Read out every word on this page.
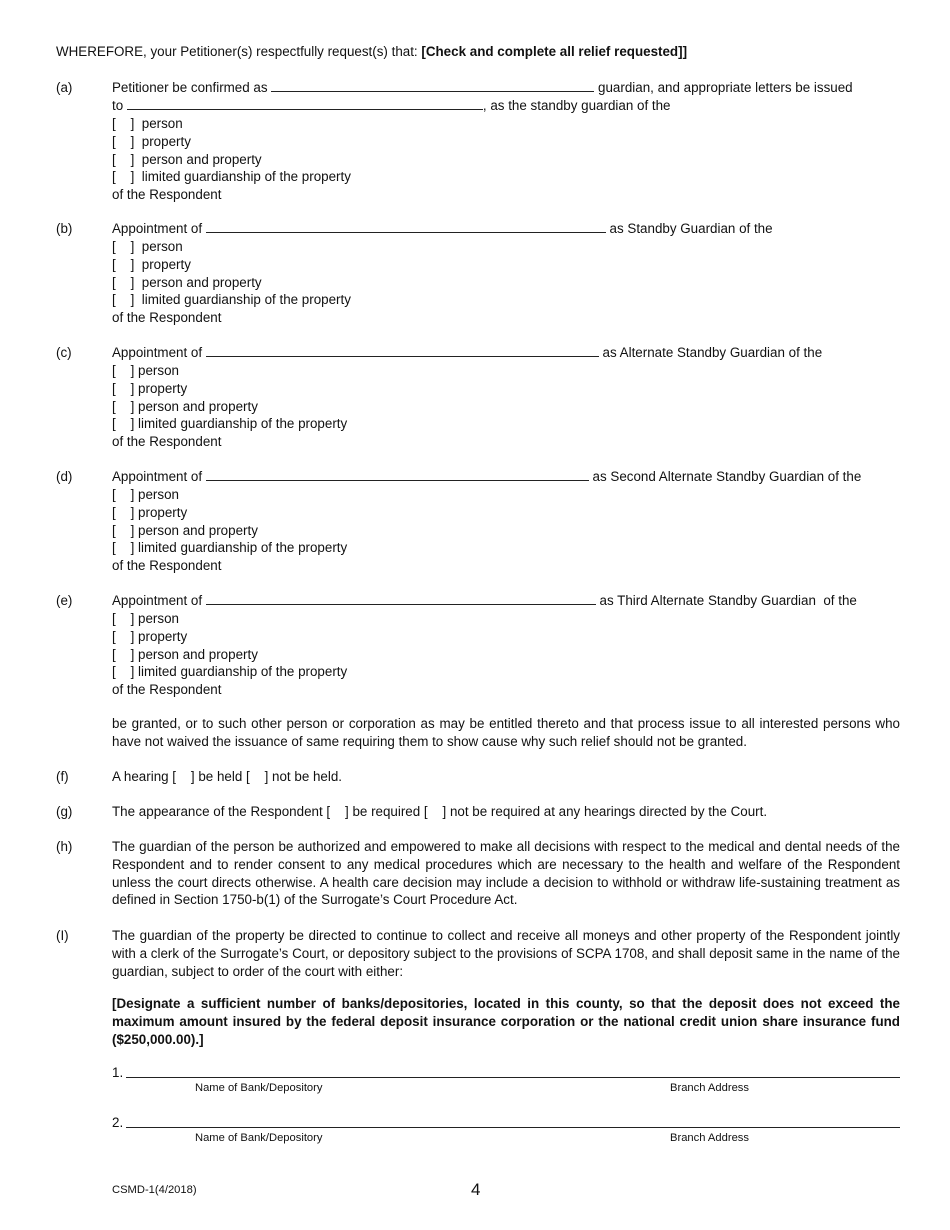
WHEREFORE, your Petitioner(s) respectfully request(s) that: [Check and complete all relief requested]]
(a)	Petitioner be confirmed as	guardian, and appropriate letters be issued
to	, as the standby guardian of the
[    ]  person
[    ]  property
[    ]  person and property
[    ]  limited guardianship of the property
of the Respondent
(b)	Appointment of	as Standby Guardian of the
[    ]  person
[    ]  property
[    ]  person and property
[    ]  limited guardianship of the property
of the Respondent
(c)	Appointment of	as Alternate Standby Guardian of the
[    ] person
[    ] property
[    ] person and property
[    ] limited guardianship of the property
of the Respondent
(d)	Appointment of	as Second Alternate Standby Guardian of the
[    ] person
[    ] property
[    ] person and property
[    ] limited guardianship of the property
of the Respondent
(e)	Appointment of	as Third Alternate Standby Guardian  of the
[    ] person
[    ] property
[    ] person and property
[    ] limited guardianship of the property
of the Respondent
be granted, or to such other person or corporation as may be entitled thereto and that process issue to all interested persons who have not waived the issuance of same requiring them to show cause why such relief should not be granted.
(f)	A hearing [    ] be held [    ] not be held.
(g)	The appearance of the Respondent [    ] be required [    ] not be required at any hearings directed by the Court.
(h)	The guardian of the person be authorized and empowered to make all decisions with respect to the medical and dental needs of the Respondent and to render consent to any medical procedures which are necessary to the health and welfare of the Respondent unless the court directs otherwise. A health care decision may include a decision to withhold or withdraw life-sustaining treatment as defined in Section 1750-b(1) of the Surrogate’s Court Procedure Act.
(I)	The guardian of the property be directed to continue to collect and receive all moneys and other property of the Respondent jointly with a clerk of the Surrogate’s Court, or depository subject to the provisions of SCPA 1708, and shall deposit same in the name of the guardian, subject to order of the court with either:
[Designate a sufficient number of banks/depositories, located in this county, so that the deposit does not exceed the maximum amount insured by the federal deposit insurance corporation or the national credit union share insurance fund ($250,000.00).]
1.
Name of Bank/Depository	Branch Address
2.
Name of Bank/Depository	Branch Address
CSMD-1(4/2018)	4
